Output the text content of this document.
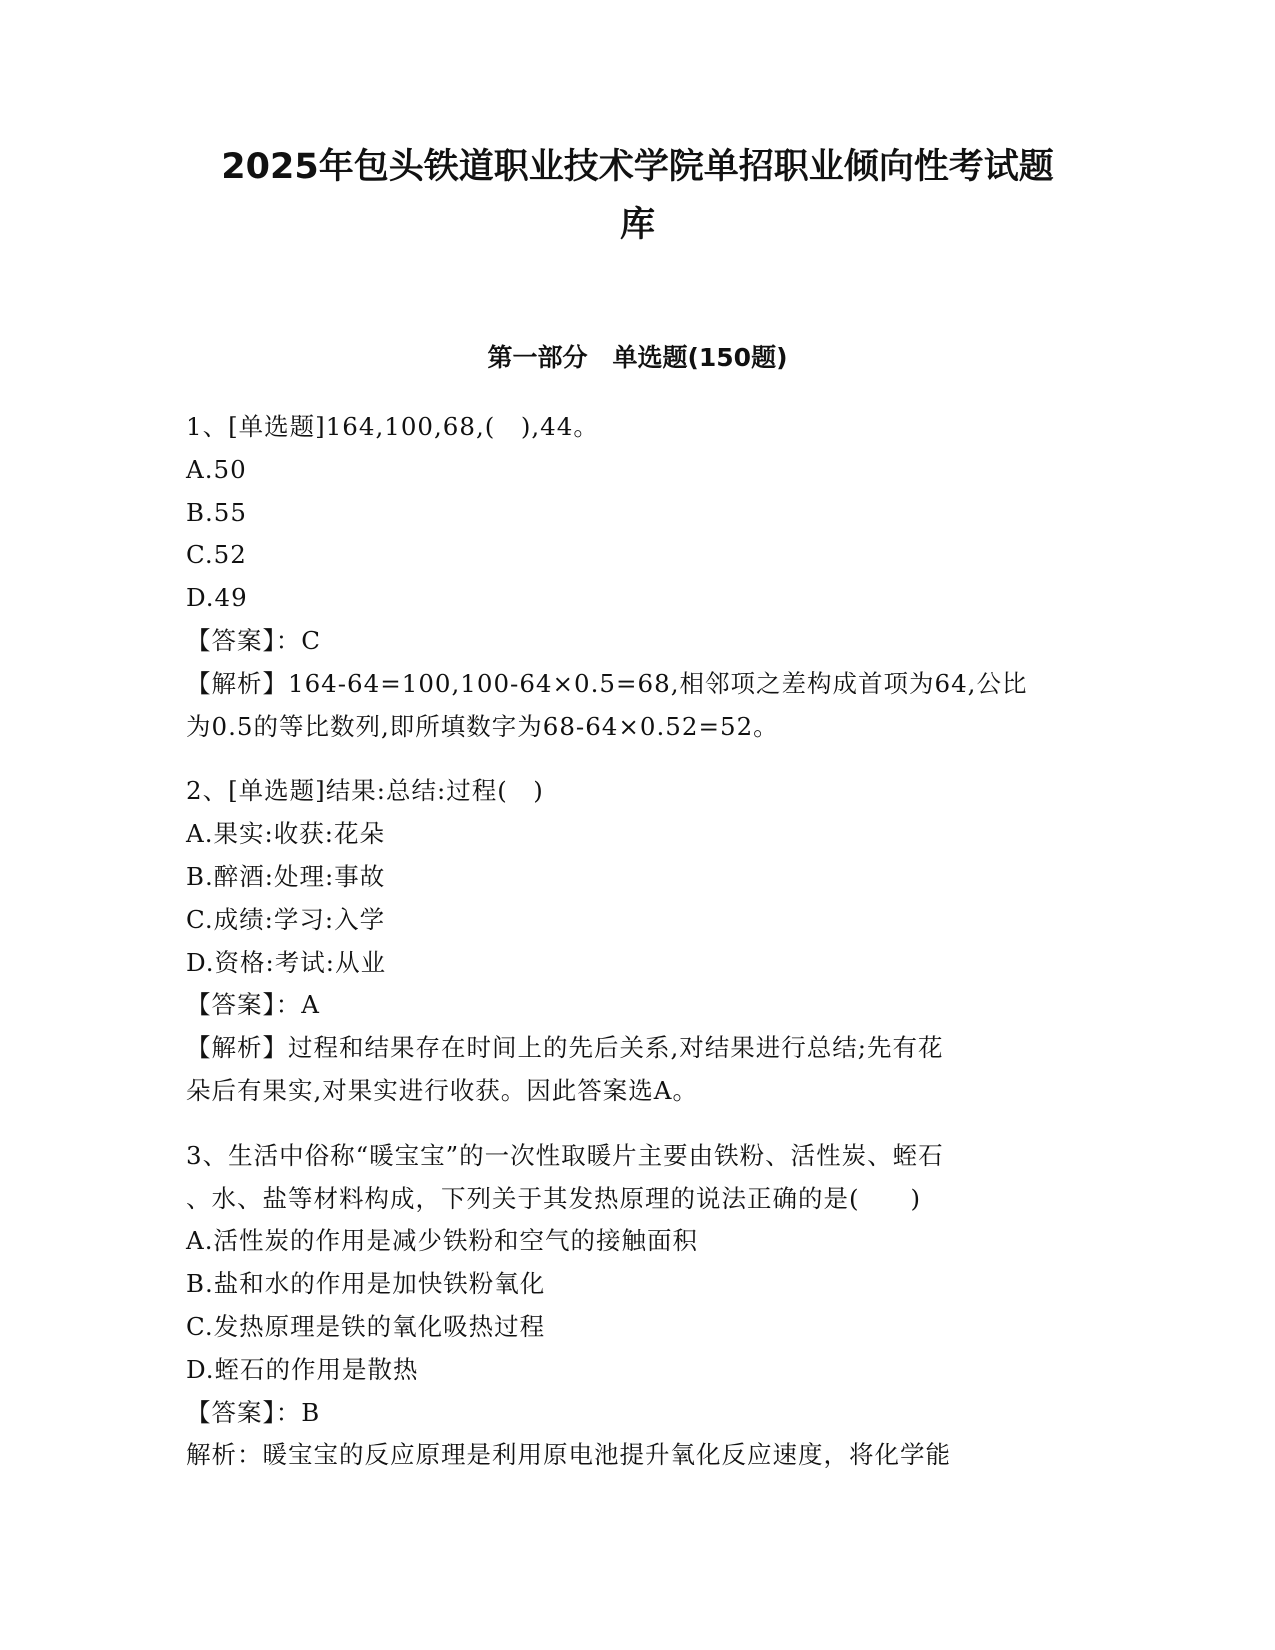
2025年包头铁道职业技术学院单招职业倾向性考试题
库
第一部分　单选题(150题)

1、[单选题]164,100,68,(　),44。

A.50

B.55

C.52

D.49

【答案】：C

【解析】164-64=100,100-64×0.5=68,相邻项之差构成首项为64,公比

为0.5的等比数列,即所填数字为68-64×0.52=52。

2、[单选题]结果:总结:过程(　)

A.果实:收获:花朵

B.醉酒:处理:事故

C.成绩:学习:入学

D.资格:考试:从业

【答案】：A

【解析】过程和结果存在时间上的先后关系,对结果进行总结;先有花

朵后有果实,对果实进行收获。因此答案选A。

3、生活中俗称“暖宝宝”的一次性取暖片主要由铁粉、活性炭、蛭石

、水、盐等材料构成，下列关于其发热原理的说法正确的是(　　)

A.活性炭的作用是减少铁粉和空气的接触面积

B.盐和水的作用是加快铁粉氧化

C.发热原理是铁的氧化吸热过程

D.蛭石的作用是散热

【答案】：B

解析：暖宝宝的反应原理是利用原电池提升氧化反应速度，将化学能
